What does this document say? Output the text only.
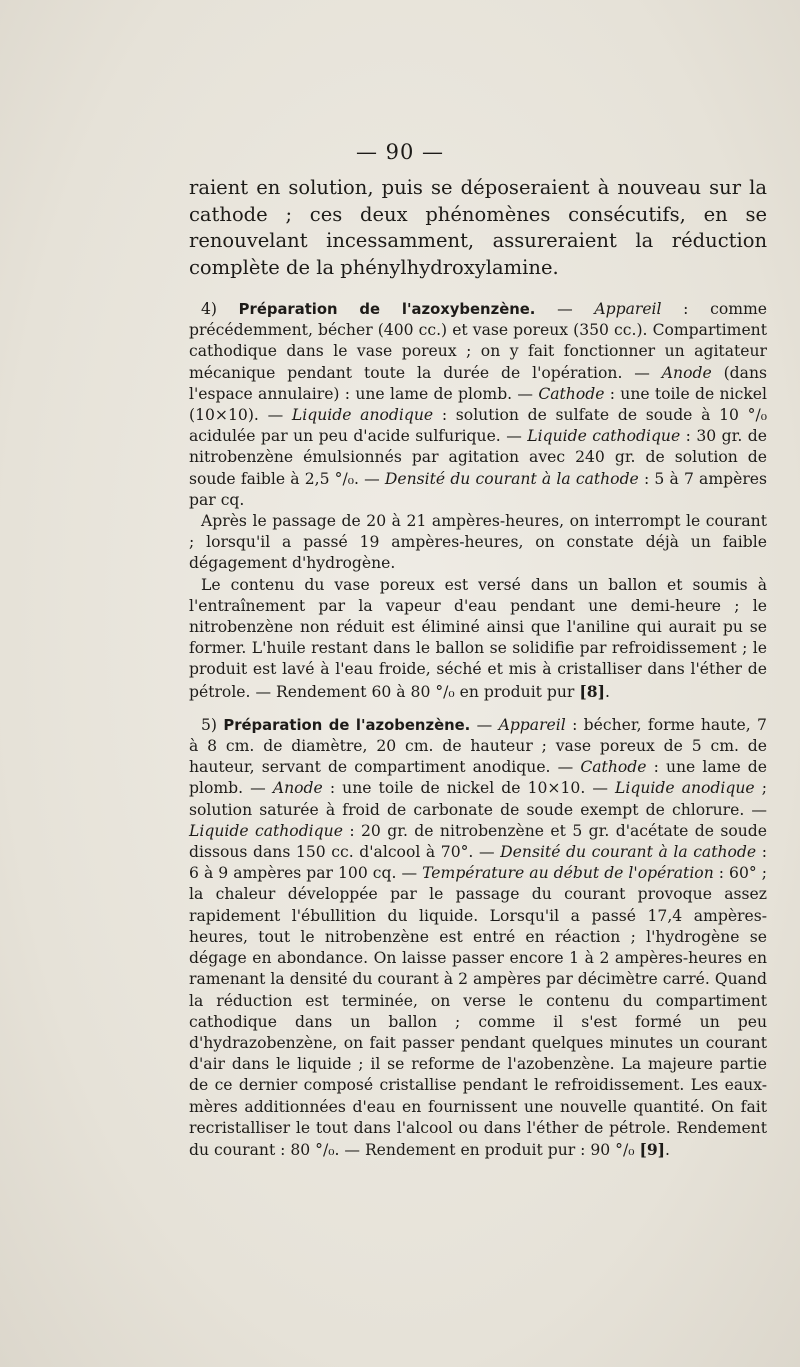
— 90 —

raient en solution, puis se déposeraient à nouveau sur la cathode ; ces deux phénomènes consécutifs, en se renouvelant incessamment, assureraient la réduction complète de la phénylhydroxylamine.

4) Préparation de l'azoxybenzène. — Appareil : comme précédemment, bécher (400 cc.) et vase poreux (350 cc.). Compartiment cathodique dans le vase poreux ; on y fait fonctionner un agitateur mécanique pendant toute la durée de l'opération. — Anode (dans l'espace annulaire) : une lame de plomb. — Cathode : une toile de nickel (10×10). — Liquide anodique : solution de sulfate de soude à 10 °/₀ acidulée par un peu d'acide sulfurique. — Liquide cathodique : 30 gr. de nitrobenzène émulsionnés par agitation avec 240 gr. de solution de soude faible à 2,5 °/₀. — Densité du courant à la cathode : 5 à 7 ampères par cq.

Après le passage de 20 à 21 ampères-heures, on interrompt le courant ; lorsqu'il a passé 19 ampères-heures, on constate déjà un faible dégagement d'hydrogène.

Le contenu du vase poreux est versé dans un ballon et soumis à l'entraînement par la vapeur d'eau pendant une demi-heure ; le nitrobenzène non réduit est éliminé ainsi que l'aniline qui aurait pu se former. L'huile restant dans le ballon se solidifie par refroidissement ; le produit est lavé à l'eau froide, séché et mis à cristalliser dans l'éther de pétrole. — Rendement 60 à 80 °/₀ en produit pur [8].

5) Préparation de l'azobenzène. — Appareil : bécher, forme haute, 7 à 8 cm. de diamètre, 20 cm. de hauteur ; vase poreux de 5 cm. de hauteur, servant de compartiment anodique. — Cathode : une lame de plomb. — Anode : une toile de nickel de 10×10. — Liquide anodique ; solution saturée à froid de carbonate de soude exempt de chlorure. — Liquide cathodique : 20 gr. de nitrobenzène et 5 gr. d'acétate de soude dissous dans 150 cc. d'alcool à 70°. — Densité du courant à la cathode : 6 à 9 ampères par 100 cq. — Température au début de l'opération : 60° ; la chaleur développée par le passage du courant provoque assez rapidement l'ébullition du liquide. Lorsqu'il a passé 17,4 ampères-heures, tout le nitrobenzène est entré en réaction ; l'hydrogène se dégage en abondance. On laisse passer encore 1 à 2 ampères-heures en ramenant la densité du courant à 2 ampères par décimètre carré. Quand la réduction est terminée, on verse le contenu du compartiment cathodique dans un ballon ; comme il s'est formé un peu d'hydrazobenzène, on fait passer pendant quelques minutes un courant d'air dans le liquide ; il se reforme de l'azobenzène. La majeure partie de ce dernier composé cristallise pendant le refroidissement. Les eaux-mères additionnées d'eau en fournissent une nouvelle quantité. On fait recristalliser le tout dans l'alcool ou dans l'éther de pétrole. Rendement du courant : 80 °/₀. — Rendement en produit pur : 90 °/₀ [9].
